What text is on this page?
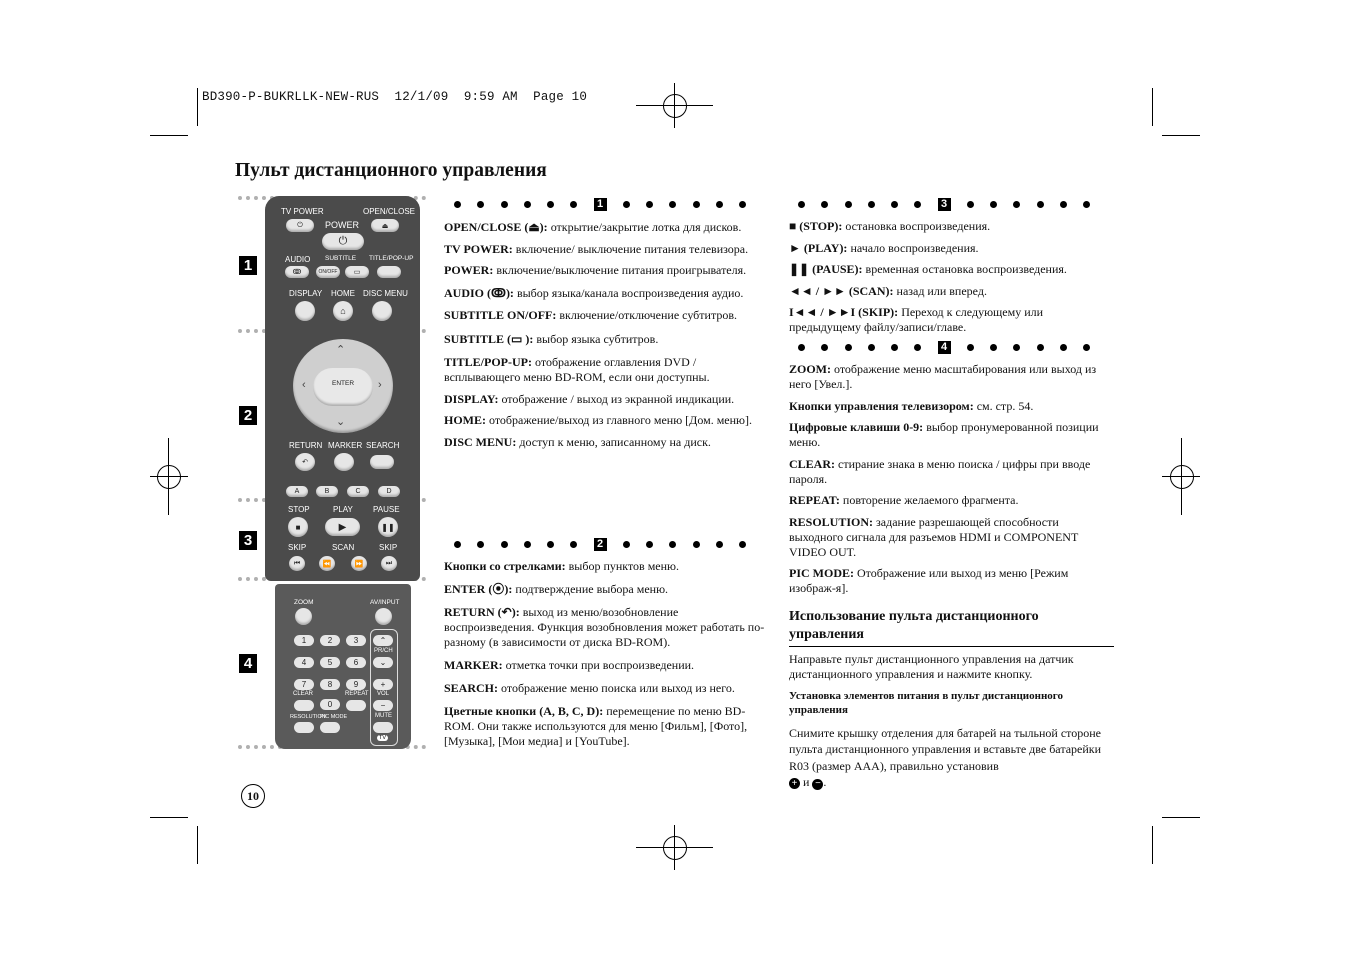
BD390-P-BUKRLLK-NEW-RUS  12/1/09  9:59 AM  Page 10
Пульт дистанционного управления
1
2
3
4
TV POWER	OPEN/CLOSE
⏻	⏏
POWER
⏻
AUDIO SUBTITLE TITLE/POP-UP
ↂ	ON/OFF	▭
DISPLAY HOME DISC MENU
⌂
ENTER
⌃
⌄
‹	›
RETURN MARKER SEARCH
↶
A	B	C	D
STOP	PLAY	PAUSE
■	▶	❚❚
SKIP	SCAN	SKIP
⏮	⏪	⏩	⏭
ZOOM	AV/INPUT
1	2	3
4	5	6
7	8	9
0
CLEAR	REPEAT
RESOLUTION
PIC MODE
⌃
PR/CH
⌄
+
VOL
−
MUTE
TV
10
1

OPEN/CLOSE (⏏): открытие/закрытие лотка для дисков.

TV POWER: включение/ выключение питания телевизора.

POWER: включение/выключение питания проигрывателя.

AUDIO (ↂ): выбор языка/канала воспроизведения аудио.

SUBTITLE ON/OFF: включение/отключение субтитров.

SUBTITLE (▭ ): выбор языка субтитров.

TITLE/POP-UP: отображение оглавления DVD / всплывающего меню BD-ROM, если они доступны.

DISPLAY: отображение / выход из экранной индикации.

HOME: отображение/выход из главного меню [Дом. меню].

DISC MENU: доступ к меню, записанному на диск.

2

Кнопки со стрелками: выбор пунктов меню.

ENTER (⦿): подтверждение выбора меню.

RETURN (↶): выход из меню/возобновление воспроизведения. Функция возобновления может работать по-разному (в зависимости от диска BD-ROM).

MARKER: отметка точки при воспроизведении.

SEARCH: отображение меню поиска или выход из него.

Цветные кнопки (A, B, C, D): перемещение по меню BD-ROM. Они также используются для меню [Фильм], [Фото], [Музыка], [Мои медиа] и [YouTube].

3

■ (STOP): остановка воспроизведения.

► (PLAY): начало воспроизведения.

❚❚ (PAUSE): временная остановка воспроизведения.

◄◄ / ►► (SCAN): назад или вперед.

I◄◄ / ►►I (SKIP): Переход к следующему или предыдущему файлу/записи/главе.

4

ZOOM: отображение меню масштабирования или выход из него [Увел.].

Кнопки управления телевизором: см. стр. 54.

Цифровые клавиши 0-9: выбор пронумерованной позиции меню.

CLEAR: стирание знака в меню поиска / цифры при вводе пароля.

REPEAT: повторение желаемого фрагмента.

RESOLUTION: задание разрешающей способности выходного сигнала для разъемов HDMI и COMPONENT VIDEO OUT.

PIC MODE: Отображение или выход из меню [Режим изображ-я].

Использование пульта дистанционного управления

Направьте пульт дистанционного управления на датчик дистанционного управления и нажмите кнопку.

Установка элементов питания в пульт дистанционного управления

Снимите крышку отделения для батарей на тыльной стороне пульта дистанционного управления и вставьте две батарейки R03 (размер AAA), правильно установив
+ и − .
